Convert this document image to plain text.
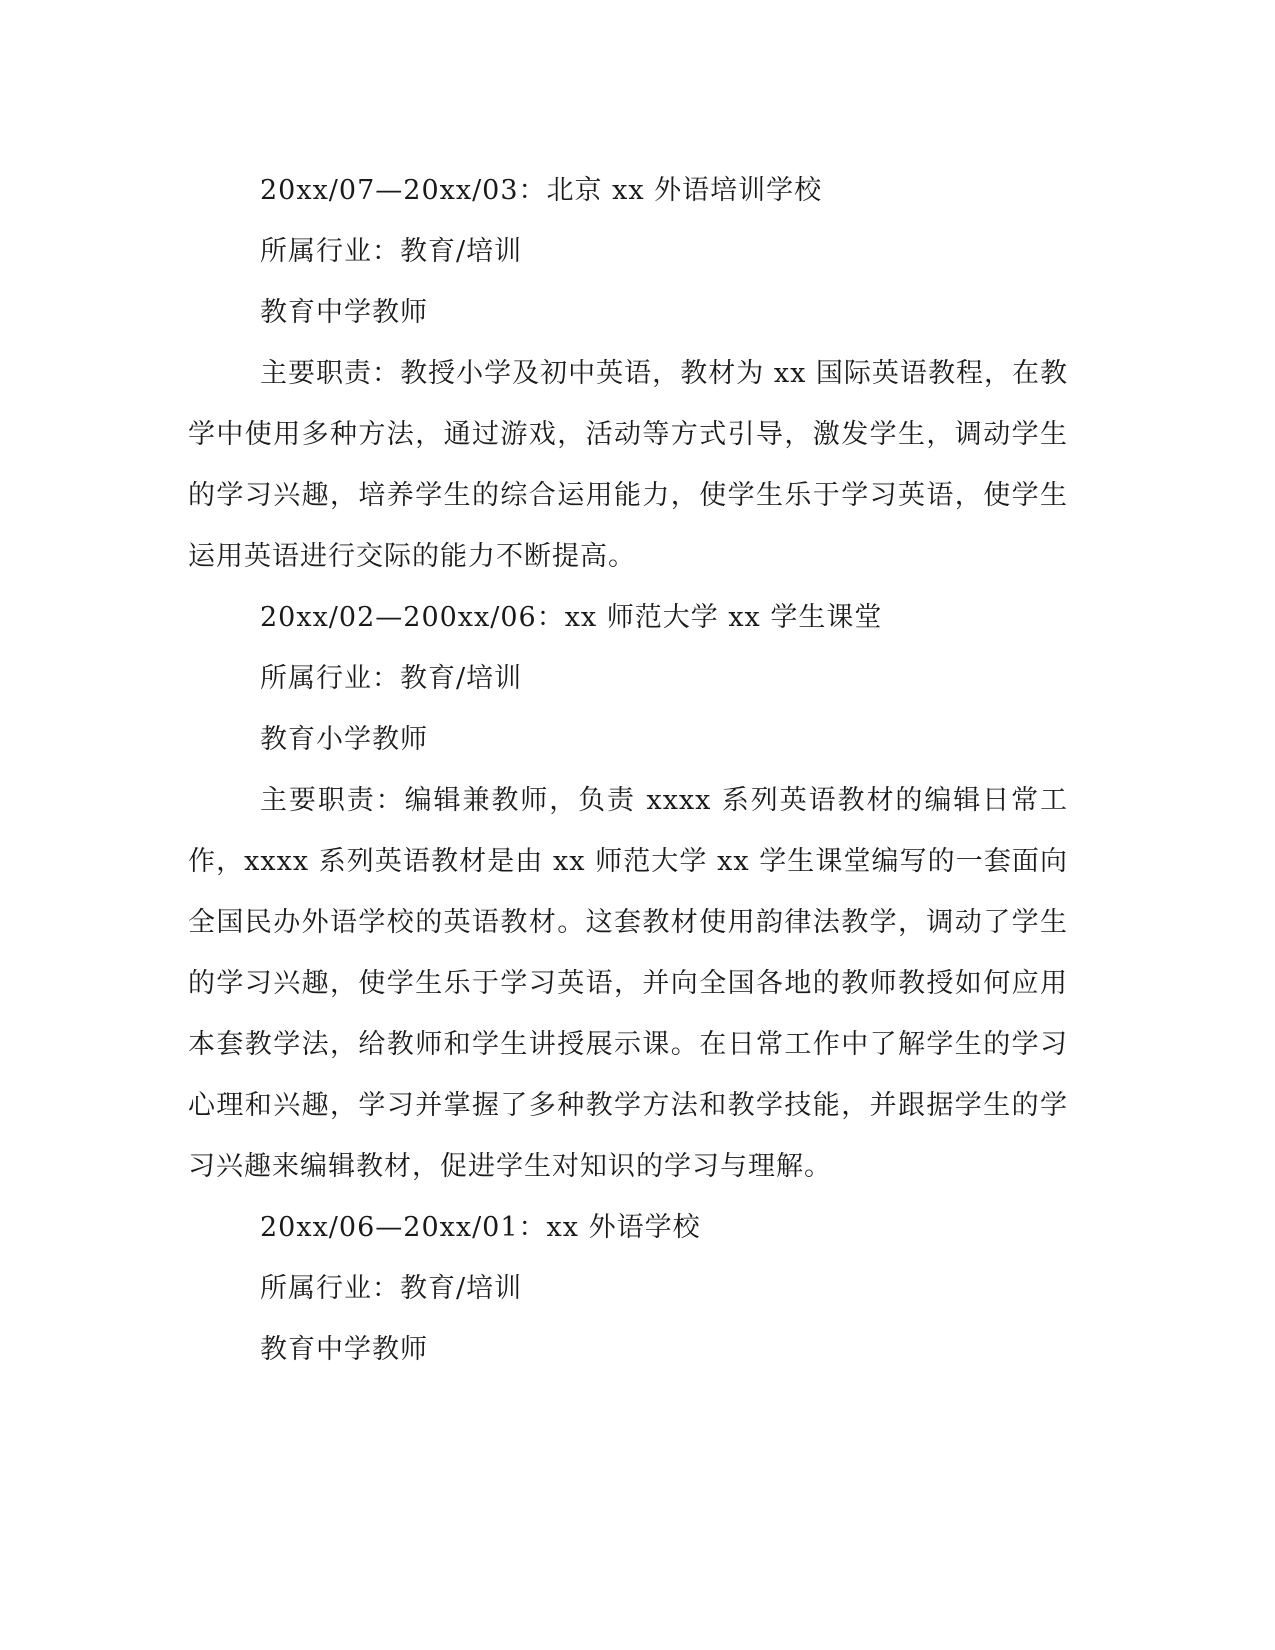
20xx/07—20xx/03：北京 xx 外语培训学校

所属行业：教育/培训

教育中学教师

主要职责：教授小学及初中英语，教材为 xx 国际英语教程，在教学中使用多种方法，通过游戏，活动等方式引导，激发学生，调动学生的学习兴趣，培养学生的综合运用能力，使学生乐于学习英语，使学生运用英语进行交际的能力不断提高。

20xx/02—200xx/06：xx 师范大学 xx 学生课堂

所属行业：教育/培训

教育小学教师

主要职责：编辑兼教师，负责 xxxx 系列英语教材的编辑日常工作，xxxx 系列英语教材是由 xx 师范大学 xx 学生课堂编写的一套面向全国民办外语学校的英语教材。这套教材使用韵律法教学，调动了学生的学习兴趣，使学生乐于学习英语，并向全国各地的教师教授如何应用本套教学法，给教师和学生讲授展示课。在日常工作中了解学生的学习心理和兴趣，学习并掌握了多种教学方法和教学技能，并跟据学生的学习兴趣来编辑教材，促进学生对知识的学习与理解。

20xx/06—20xx/01：xx 外语学校

所属行业：教育/培训

教育中学教师
